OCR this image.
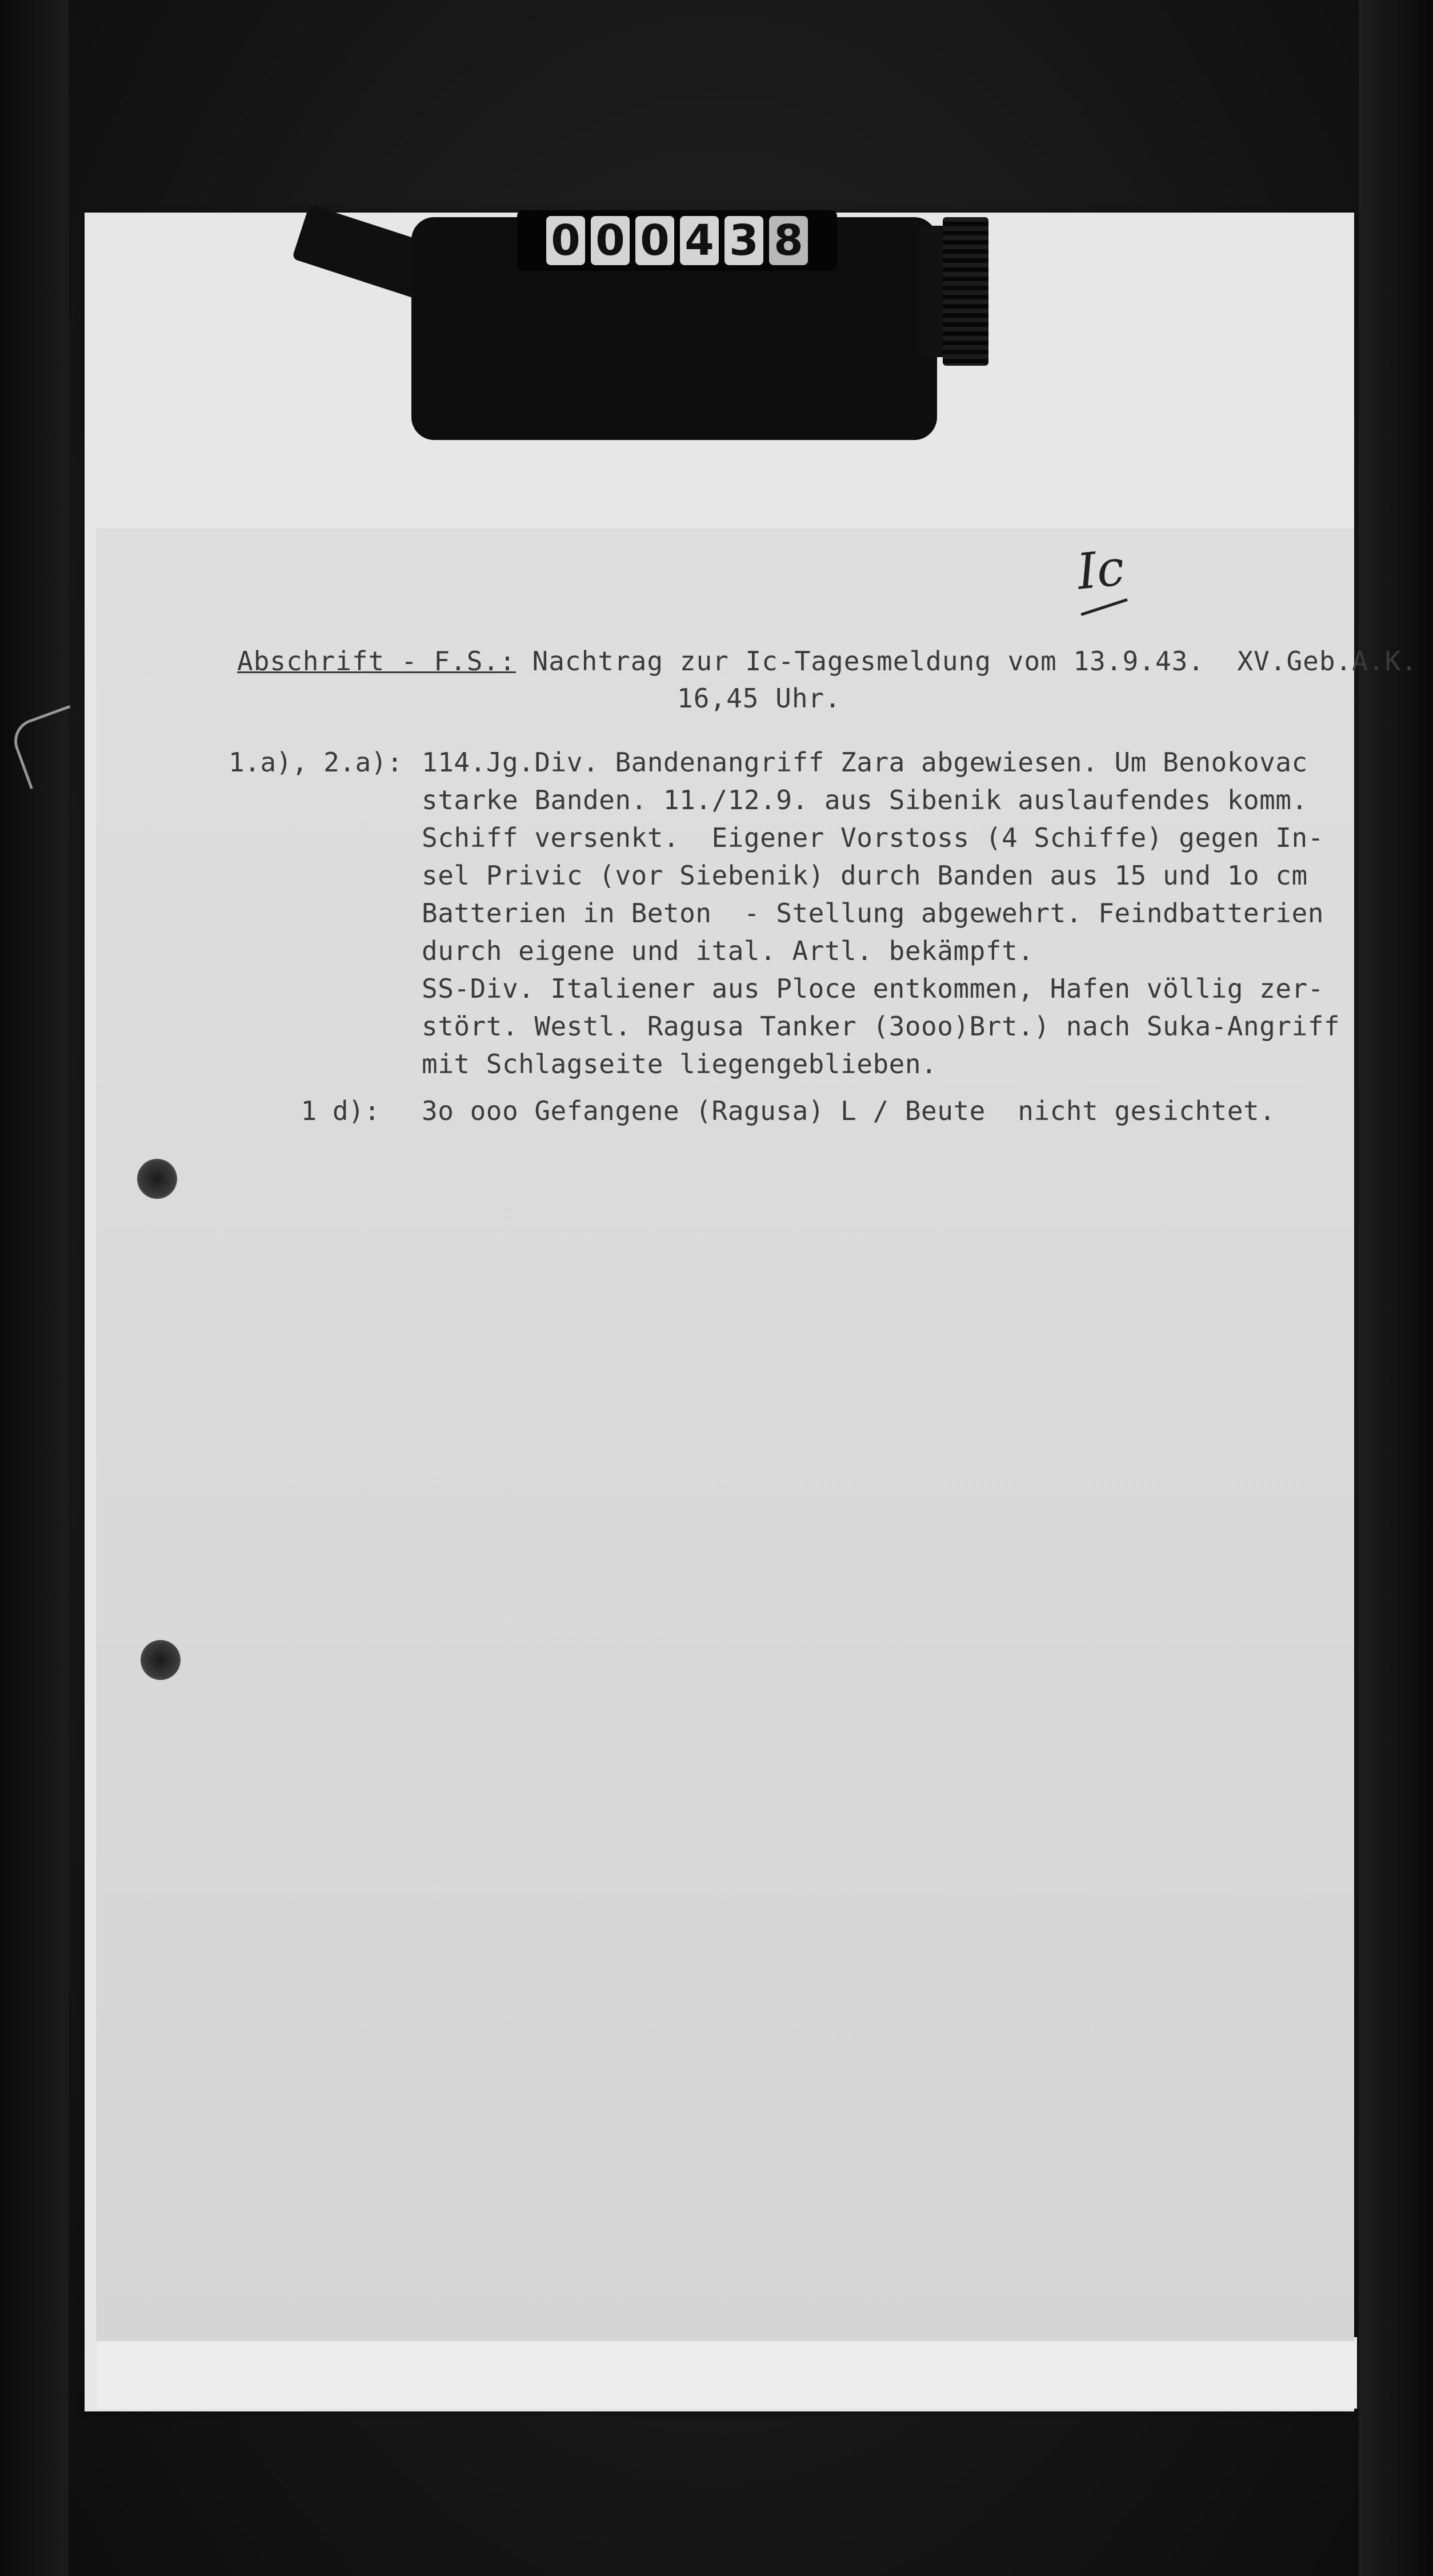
0 0 0 4 3 8
Ic
Abschrift - F.S.: Nachtrag zur Ic-Tagesmeldung vom 13.9.43.  XV.Geb.A.K.
16,45 Uhr.
1.a), 2.a): 114.Jg.Div. Bandenangriff Zara abgewiesen. Um Benokovac
starke Banden. 11./12.9. aus Sibenik auslaufendes komm.
Schiff versenkt.  Eigener Vorstoss (4 Schiffe) gegen In-
sel Privic (vor Siebenik) durch Banden aus 15 und 1o cm
Batterien in Beton  - Stellung abgewehrt. Feindbatterien
durch eigene und ital. Artl. bekämpft.
SS-Div. Italiener aus Ploce entkommen, Hafen völlig zer-
stört. Westl. Ragusa Tanker (3ooo)Brt.) nach Suka-Angriff
mit Schlagseite liegengeblieben.
1 d): 3o ooo Gefangene (Ragusa) L / Beute  nicht gesichtet.
